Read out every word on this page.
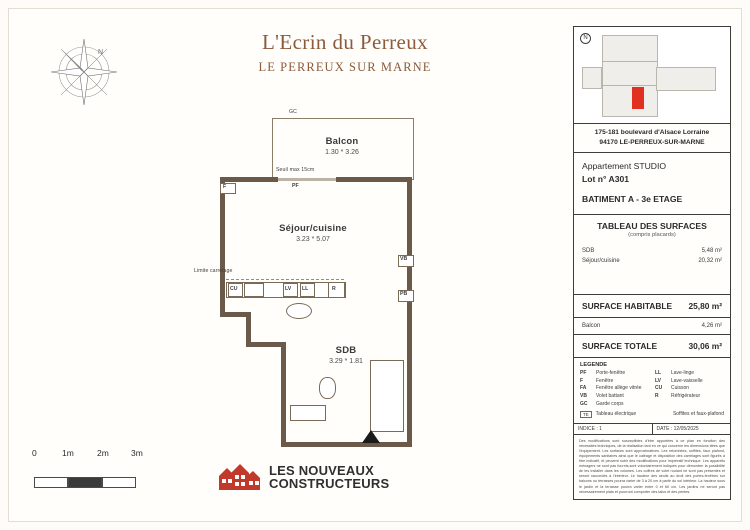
N	L'Ecrin du Perreux
LE PERREUX SUR MARNE
GC
Balcon
1.30 * 3.26
Seuil max 15cm
PF
F
Séjour/cuisine
3.23 * 5.07
Limite carrelage
CU	LV LL	R
VB
PB
SDB
3.29 * 1.81
0	1m	2m	3m
LES NOUVEAUX
CONSTRUCTEURS
N
175-181 boulevard d'Alsace Lorraine
94170 LE-PERREUX-SUR-MARNE
Appartement STUDIO
Lot n° A301
BATIMENT A - 3e ETAGE
TABLEAU DES SURFACES
(compris placards)
SDB	5,48 m²
Séjour/cuisine	20,32 m²
SURFACE HABITABLE 25,80 m²
Balcon	4,26 m²
SURFACE TOTALE	30,06 m²
LEGENDE
PF	Porte-fenêtre
F	Fenêtre
FA	Fenêtre allège vitrée
VB	Volet battant
GC	Garde corps
LL	Lave-linge
LV	Lave-vaisselle
CU	Cuisson
R	Réfrigérateur
TE	Tableau électrique	Soffites et faux-plafond
INDICE : 1	DATE : 12/05/2025
Des modifications sont susceptibles d'être apportées à ce plan en fonction des nécessités techniques, de la réalisation tant en ce qui concerne les dimensions titres que l'équipement. Les surfaces sont approximatives. Les retombées, soffites, faux plafond, équipements sanitaires ainsi que le caléage et disposition des carrelages sont figurés à titre indicatif, et peuvent subir des modifications pour imprératif technique. Les appareils ménagers ne sont pas fournis,sont volontairement indiqués pour démontrer la possibilité de les installer dans les volumes. Les coffres de volet roulant ne sont pas présentés et seront raccordés à l'intérieur. Le hauteur des seuils au droit des portes-fenêtres sur balcons ou terrasses pourra varier de 3 à 20 cm à partir du sol intérieur. La hauteur sous le jardin et la terrasse pourra varier entre 0 et 60 cm. Les jardins ne seront pas nécessairement plats et pourront comporter des talus et des pentes.
